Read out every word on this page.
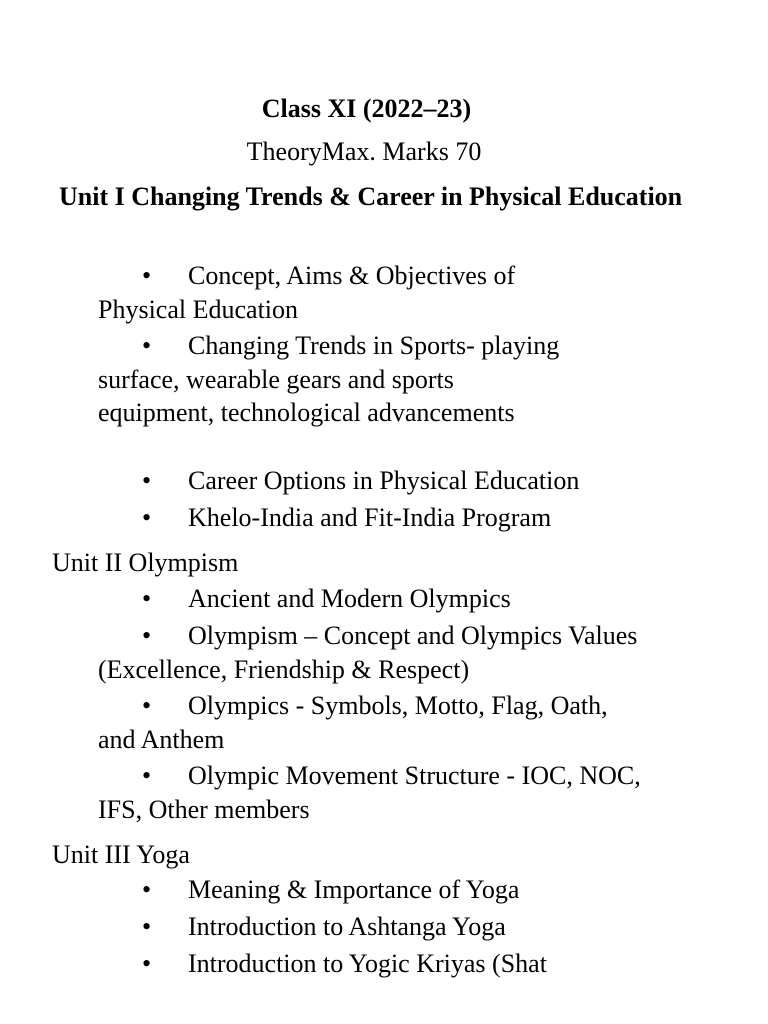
Class XI (2022–23)
TheoryMax. Marks 70
Unit I Changing Trends & Career in Physical Education
• Concept, Aims & Objectives of Physical Education
• Changing Trends in Sports- playing surface, wearable gears and sports equipment, technological advancements
• Career Options in Physical Education
• Khelo-India and Fit-India Program
Unit II Olympism
• Ancient and Modern Olympics
• Olympism – Concept and Olympics Values (Excellence, Friendship & Respect)
• Olympics - Symbols, Motto, Flag, Oath, and Anthem
• Olympic Movement Structure - IOC, NOC, IFS, Other members
Unit III Yoga
• Meaning & Importance of Yoga
• Introduction to Ashtanga Yoga
• Introduction to Yogic Kriyas (Shat
